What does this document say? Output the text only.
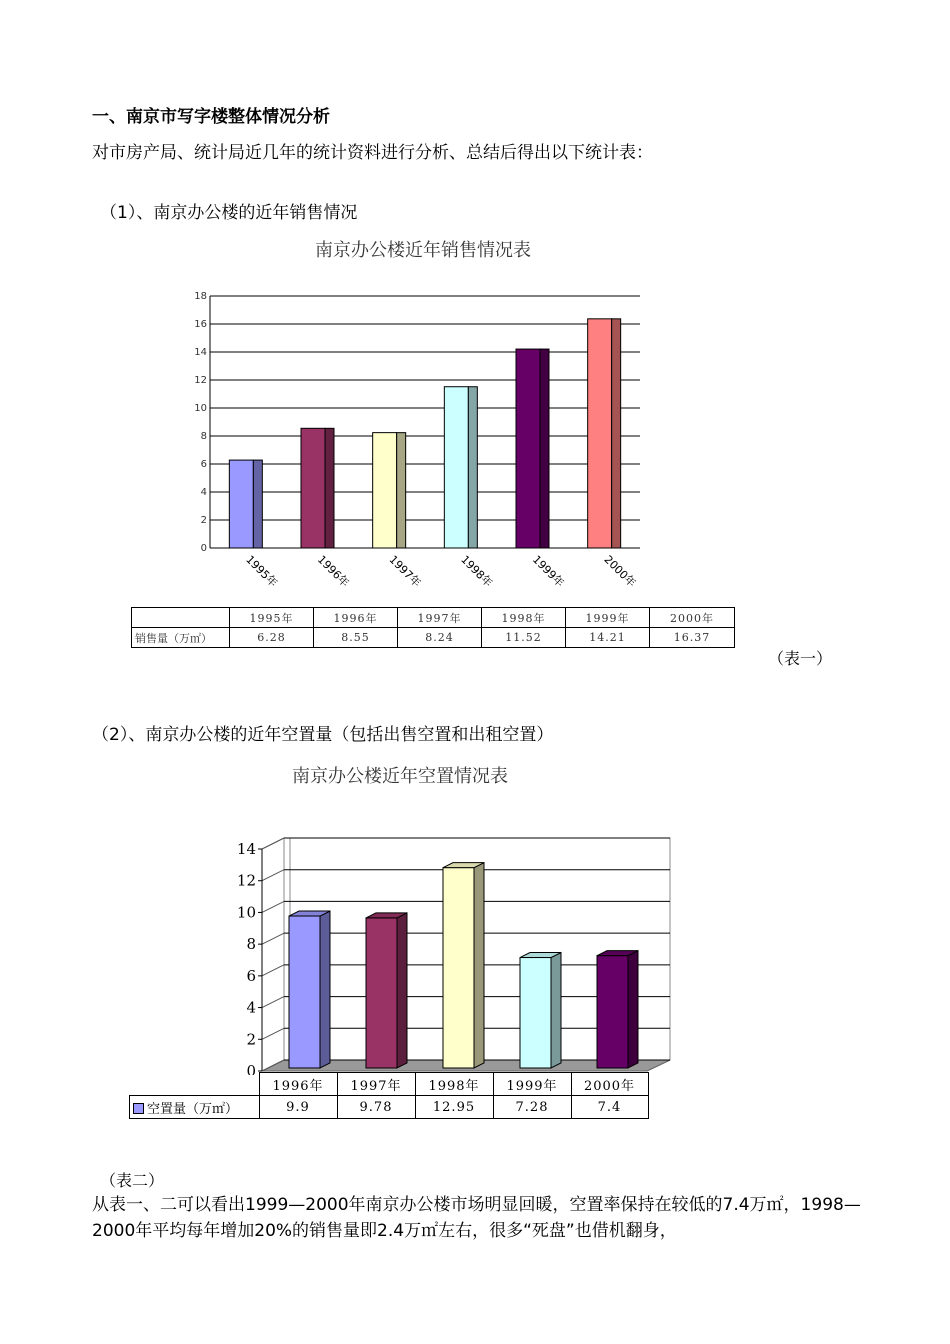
一、南京市写字楼整体情况分析
对市房产局、统计局近几年的统计资料进行分析、总结后得出以下统计表：
（1）、南京办公楼的近年销售情况
南京办公楼近年销售情况表
0
2
4
6
8
10
12
14
16
18
1995年	1996年	1997年	1998年	1999年	2000年
	1995年	1996年	1997年	1998年	1999年	2000年
销售量（万㎡）	6.28	8.55	8.24	11.52	14.21	16.37
（表一）
（2）、南京办公楼的近年空置量（包括出售空置和出租空置）
南京办公楼近年空置情况表
0
2
4
6
8
10
12
14
	1996年	1997年	1998年	1999年	2000年
空置量（万㎡）	9.9	9.78	12.95	7.28	7.4
（表二）
从表一、二可以看出1999—2000年南京办公楼市场明显回暖，空置率保持在较低的7.4万㎡，1998—2000年平均每年增加20%的销售量即2.4万㎡左右，很多“死盘”也借机翻身，
